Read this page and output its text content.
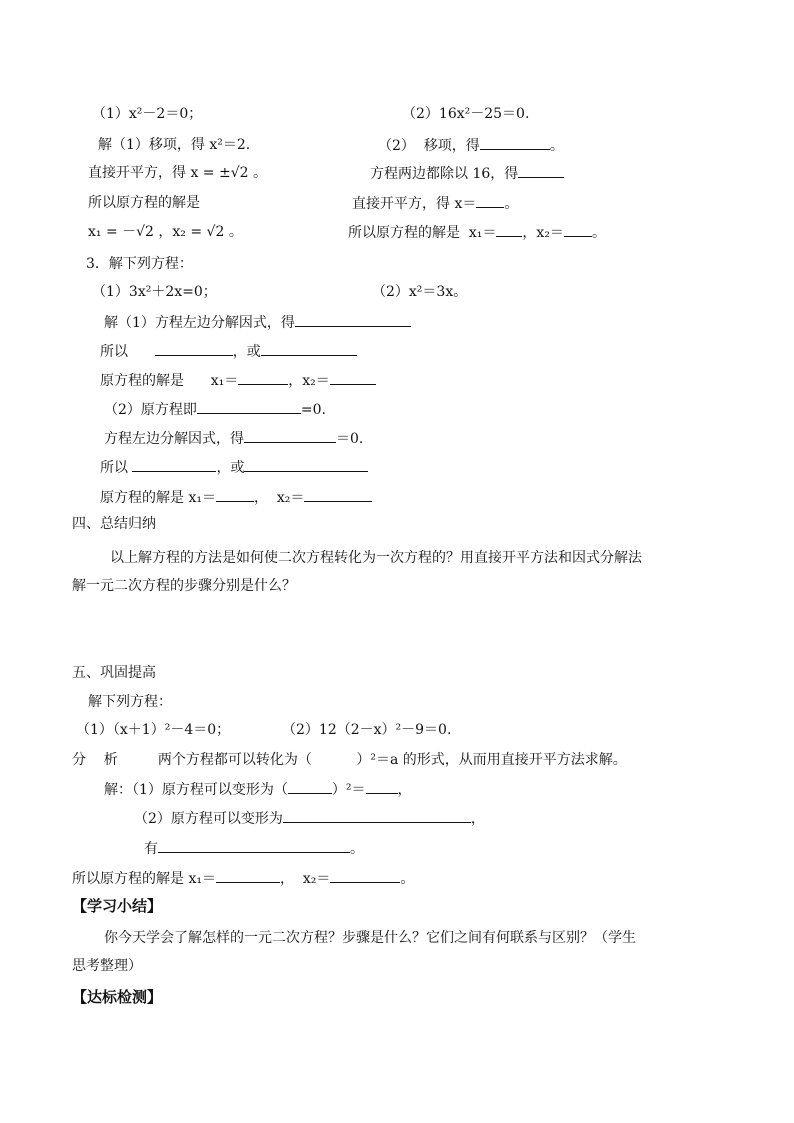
（1）x²－2＝0；	（2）16x²－25＝0.
解（1）移项，得 x²＝2.	（2）  移项，得	。
直接开平方，得 x = ±√2 。	方程两边都除以 16，得
所以原方程的解是	直接开平方，得 x＝ 。
x₁ = －√2 ，x₂ = √2 。	所以原方程的解是  x₁＝ ，x₂＝ 。
3．解下列方程：
（1）3x²＋2x=0；	（2）x²＝3x。
解（1）方程左边分解因式，得
所以	，或
原方程的解是 x₁＝	，x₂＝
（2）原方程即	=0.
方程左边分解因式，得	＝0.
所以	，或
原方程的解是 x₁＝	，  x₂＝
四、总结归纳
以上解方程的方法是如何使二次方程转化为一次方程的？用直接开平方法和因式分解法
解一元二次方程的步骤分别是什么？
五、巩固提高
解下列方程：
（1）（x＋1）²－4＝0；	（2）12（2－x）²－9＝0.
分    析	两个方程都可以转化为（	）²＝a 的形式，从而用直接开平方法求解。
解：（1）原方程可以变形为（	）²＝ ，
（2）原方程可以变形为	，
有	。
所以原方程的解是 x₁＝	，  x₂＝	。
【学习小结】
你今天学会了解怎样的一元二次方程？步骤是什么？它们之间有何联系与区别？（学生
思考整理）
【达标检测】
